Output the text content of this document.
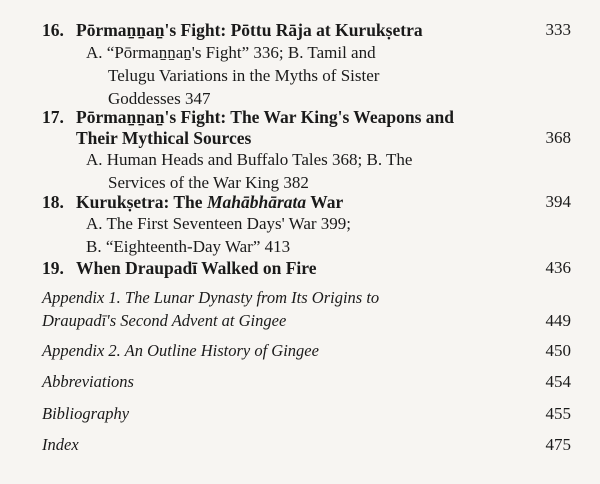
16. Pōrmaṉṉaṉ's Fight: Pōttu Rāja at Kurukṣetra	333
A. “Pōrmaṉṉaṉ's Fight” 336; B. Tamil and
Telugu Variations in the Myths of Sister
Goddesses 347
17. Pōrmaṉṉaṉ's Fight: The War King's Weapons and
Their Mythical Sources	368
A. Human Heads and Buffalo Tales 368; B. The
Services of the War King 382
18. Kurukṣetra: The Mahābhārata War	394
A. The First Seventeen Days' War 399;
B. “Eighteenth-Day War” 413
19. When Draupadī Walked on Fire	436
Appendix 1. The Lunar Dynasty from Its Origins to
Draupadī's Second Advent at Gingee	449
Appendix 2. An Outline History of Gingee	450
Abbreviations	454
Bibliography	455
Index	475
